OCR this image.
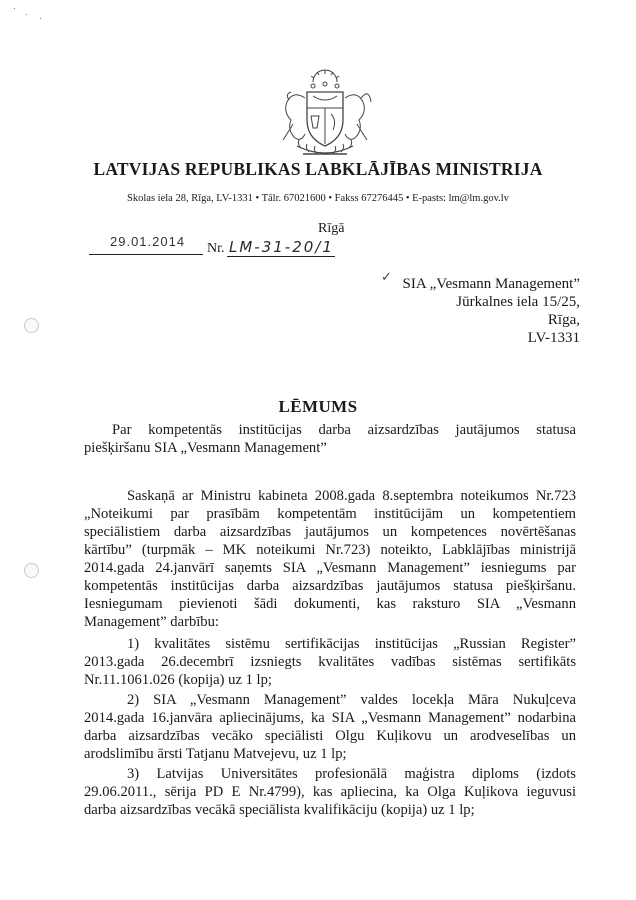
LATVIJAS REPUBLIKAS LABKLĀJĪBAS MINISTRIJA
Skolas iela 28, Rīga, LV-1331 • Tālr. 67021600 • Fakss 67276445 • E-pasts: lm@lm.gov.lv
Rīgā
29.01.2014 Nr. LM-31-20/1
✓ SIA „Vesmann Management”
Jūrkalnes iela 15/25,
Rīga,
LV-1331
LĒMUMS
Par kompetentās institūcijas darba aizsardzības jautājumos statusa
piešķiršanu SIA „Vesmann Management”
Saskaņā ar Ministru kabineta 2008.gada 8.septembra noteikumos Nr.723
„Noteikumi par prasībām kompetentām institūcijām un kompetentiem
speciālistiem darba aizsardzības jautājumos un kompetences novērtēšanas
kārtību” (turpmāk – MK noteikumi Nr.723) noteikto, Labklājības ministrijā
2014.gada 24.janvārī saņemts SIA „Vesmann Management” iesniegums par
kompetentās institūcijas darba aizsardzības jautājumos statusa piešķiršanu.
Iesniegumam pievienoti šādi dokumenti, kas raksturo SIA „Vesmann
Management” darbību:
1) kvalitātes sistēmu sertifikācijas institūcijas „Russian Register”
2013.gada 26.decembrī izsniegts kvalitātes vadības sistēmas sertifikāts
Nr.11.1061.026 (kopija) uz 1 lp;
2) SIA „Vesmann Management” valdes locekļa Māra Nukuļceva
2014.gada 16.janvāra apliecinājums, ka SIA „Vesmann Management” nodarbina
darba aizsardzības vecāko speciālisti Olgu Kuļikovu un arodveselības un
arodslimību ārsti Tatjanu Matvejevu, uz 1 lp;
3) Latvijas Universitātes profesionālā maģistra diploms (izdots
29.06.2011., sērija PD E Nr.4799), kas apliecina, ka Olga Kuļikova ieguvusi
darba aizsardzības vecākā speciālista kvalifikāciju (kopija) uz 1 lp;
